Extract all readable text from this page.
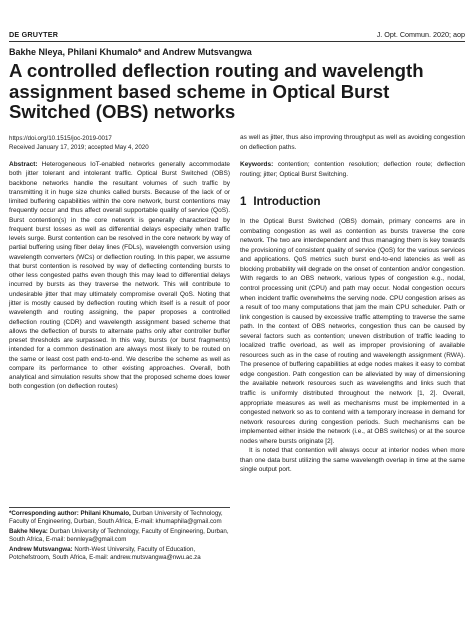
DE GRUYTER	J. Opt. Commun. 2020; aop
Bakhe Nleya, Philani Khumalo* and Andrew Mutsvangwa
A controlled deflection routing and wavelength assignment based scheme in Optical Burst Switched (OBS) networks
https://doi.org/10.1515/joc-2019-0017
Received January 17, 2019; accepted May 4, 2020

Abstract: Heterogeneous IoT-enabled networks generally accommodate both jitter tolerant and intolerant traffic. Optical Burst Switched (OBS) backbone networks handle the resultant volumes of such traffic by transmitting it in huge size chunks called bursts. Because of the lack of or limited buffering capabilities within the core network, burst contentions may frequently occur and thus affect overall supportable quality of service (QoS). Burst contention(s) in the core network is generally characterized by frequent burst losses as well as differential delays especially when traffic levels surge. Burst contention can be resolved in the core network by way of partial buffering using fiber delay lines (FDLs), wavelength conversion using wavelength converters (WCs) or deflection routing. In this paper, we assume that burst contention is resolved by way of deflecting contending bursts to other less congested paths even though this may lead to differential delays incurred by bursts as they traverse the network. This will contribute to undesirable jitter that may ultimately compromise overall QoS. Noting that jitter is mostly caused by deflection routing which itself is a result of poor wavelength and routing assigning, the paper proposes a controlled deflection routing (CDR) and wavelength assignment based scheme that allows the deflection of bursts to alternate paths only after controller buffer preset thresholds are surpassed. In this way, bursts (or burst fragments) intended for a common destination are always most likely to be routed on the same or least cost path end-to-end. We describe the scheme as well as compare its performance to other existing approaches. Overall, both analytical and simulation results show that the proposed scheme does lower both congestion (on deflection routes)

*Corresponding author: Philani Khumalo, Durban University of Technology, Faculty of Engineering, Durban, South Africa, E-mail: khumaphila@gmail.com

Bakhe Nleya: Durban University of Technology, Faculty of Engineering, Durban, South Africa, E-mail: bennleya@gmail.com

Andrew Mutsvangwa: North-West University, Faculty of Education, Potchefstroom, South Africa, E-mail: andrew.mutsvangwa@nwu.ac.za

as well as jitter, thus also improving throughput as well as avoiding congestion on deflection paths.

Keywords: contention; contention resolution; deflection route; deflection routing; jitter; Optical Burst Switching.

1 Introduction

In the Optical Burst Switched (OBS) domain, primary concerns are in combating congestion as well as contention as bursts traverse the core network. The two are interdependent and thus managing them is key towards the provisioning of consistent quality of service (QoS) for the various services and applications. QoS metrics such burst end-to-end latencies as well as blocking probability will degrade on the onset of contention and/or congestion. With regards to an OBS network, various types of congestion e.g., nodal, control processing unit (CPU) and path may occur. Nodal congestion occurs when incident traffic overwhelms the serving node. CPU congestion arises as a result of too many computations that jam the main CPU scheduler. Path or link congestion is caused by excessive traffic attempting to traverse the same path. In the context of OBS networks, congestion thus can be caused by several factors such as contention; uneven distribution of traffic leading to localized traffic overload, as well as improper provisioning of available resources such as in the case of routing and wavelength assignment (RWA). The presence of buffering capabilities at edge nodes makes it easy to combat edge congestion. Path congestion can be alleviated by way of dimensioning the available network resources such as wavelengths and links such that traffic is uniformly distributed throughout the network [1, 2]. Overall, appropriate measures as well as mechanisms must be implemented in a congested network so as to contend with a temporary increase in demand for network resources during congestion periods. Such mechanisms can be implemented either inside the network (i.e., at OBS switches) or at the source nodes where bursts originate [2].

It is noted that contention will always occur at interior nodes when more than one data burst utilizing the same wavelength overlap in time at the same single output port.
